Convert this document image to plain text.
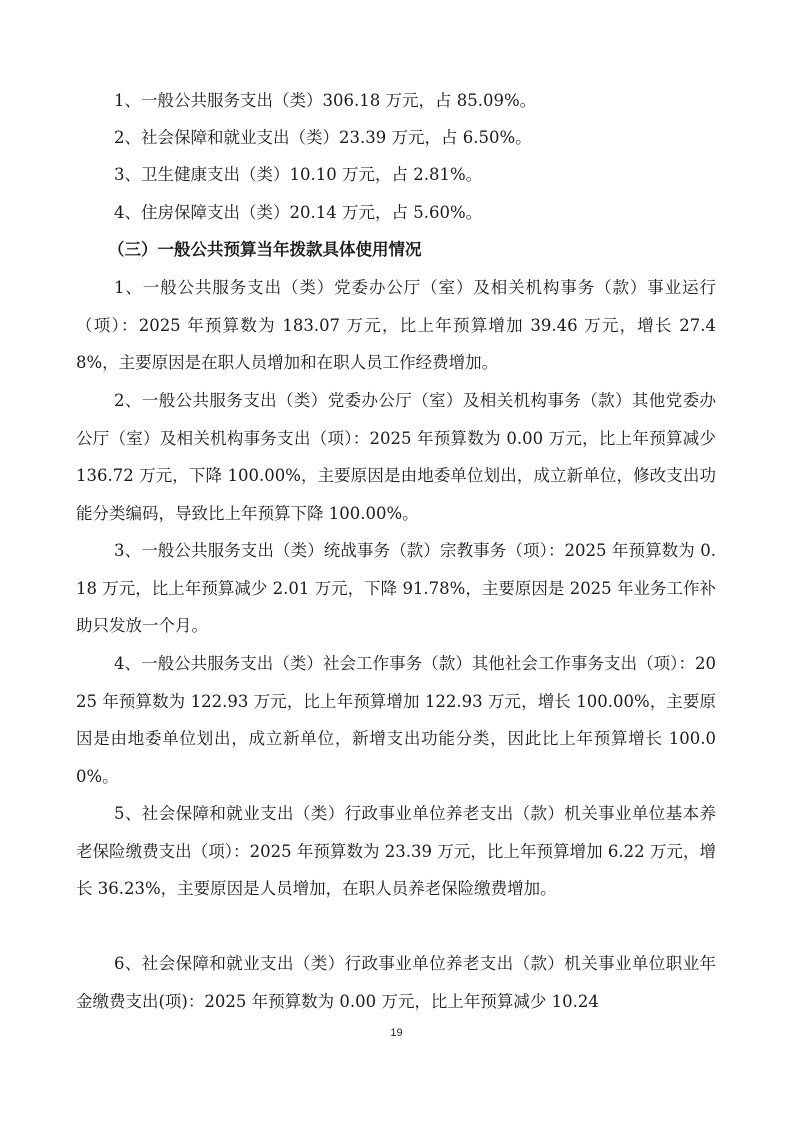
1、一般公共服务支出（类）306.18 万元，占 85.09%。

2、社会保障和就业支出（类）23.39 万元，占 6.50%。

3、卫生健康支出（类）10.10 万元，占 2.81%。

4、住房保障支出（类）20.14 万元，占 5.60%。

（三）一般公共预算当年拨款具体使用情况

1、一般公共服务支出（类）党委办公厅（室）及相关机构事务（款）事业运行（项）：2025 年预算数为 183.07 万元，比上年预算增加 39.46 万元，增长 27.48%，主要原因是在职人员增加和在职人员工作经费增加。

2、一般公共服务支出（类）党委办公厅（室）及相关机构事务（款）其他党委办公厅（室）及相关机构事务支出（项）：2025 年预算数为 0.00 万元，比上年预算减少 136.72 万元，下降 100.00%，主要原因是由地委单位划出，成立新单位，修改支出功能分类编码，导致比上年预算下降 100.00%。

3、一般公共服务支出（类）统战事务（款）宗教事务（项）：2025 年预算数为 0.18 万元，比上年预算减少 2.01 万元，下降 91.78%，主要原因是 2025 年业务工作补助只发放一个月。

4、一般公共服务支出（类）社会工作事务（款）其他社会工作事务支出（项）：2025 年预算数为 122.93 万元，比上年预算增加 122.93 万元，增长 100.00%，主要原因是由地委单位划出，成立新单位，新增支出功能分类，因此比上年预算增长 100.00%。

5、社会保障和就业支出（类）行政事业单位养老支出（款）机关事业单位基本养老保险缴费支出（项）：2025 年预算数为 23.39 万元，比上年预算增加 6.22 万元，增长 36.23%，主要原因是人员增加，在职人员养老保险缴费增加。

6、社会保障和就业支出（类）行政事业单位养老支出（款）机关事业单位职业年金缴费支出(项)：2025 年预算数为 0.00 万元，比上年预算减少 10.24

19
